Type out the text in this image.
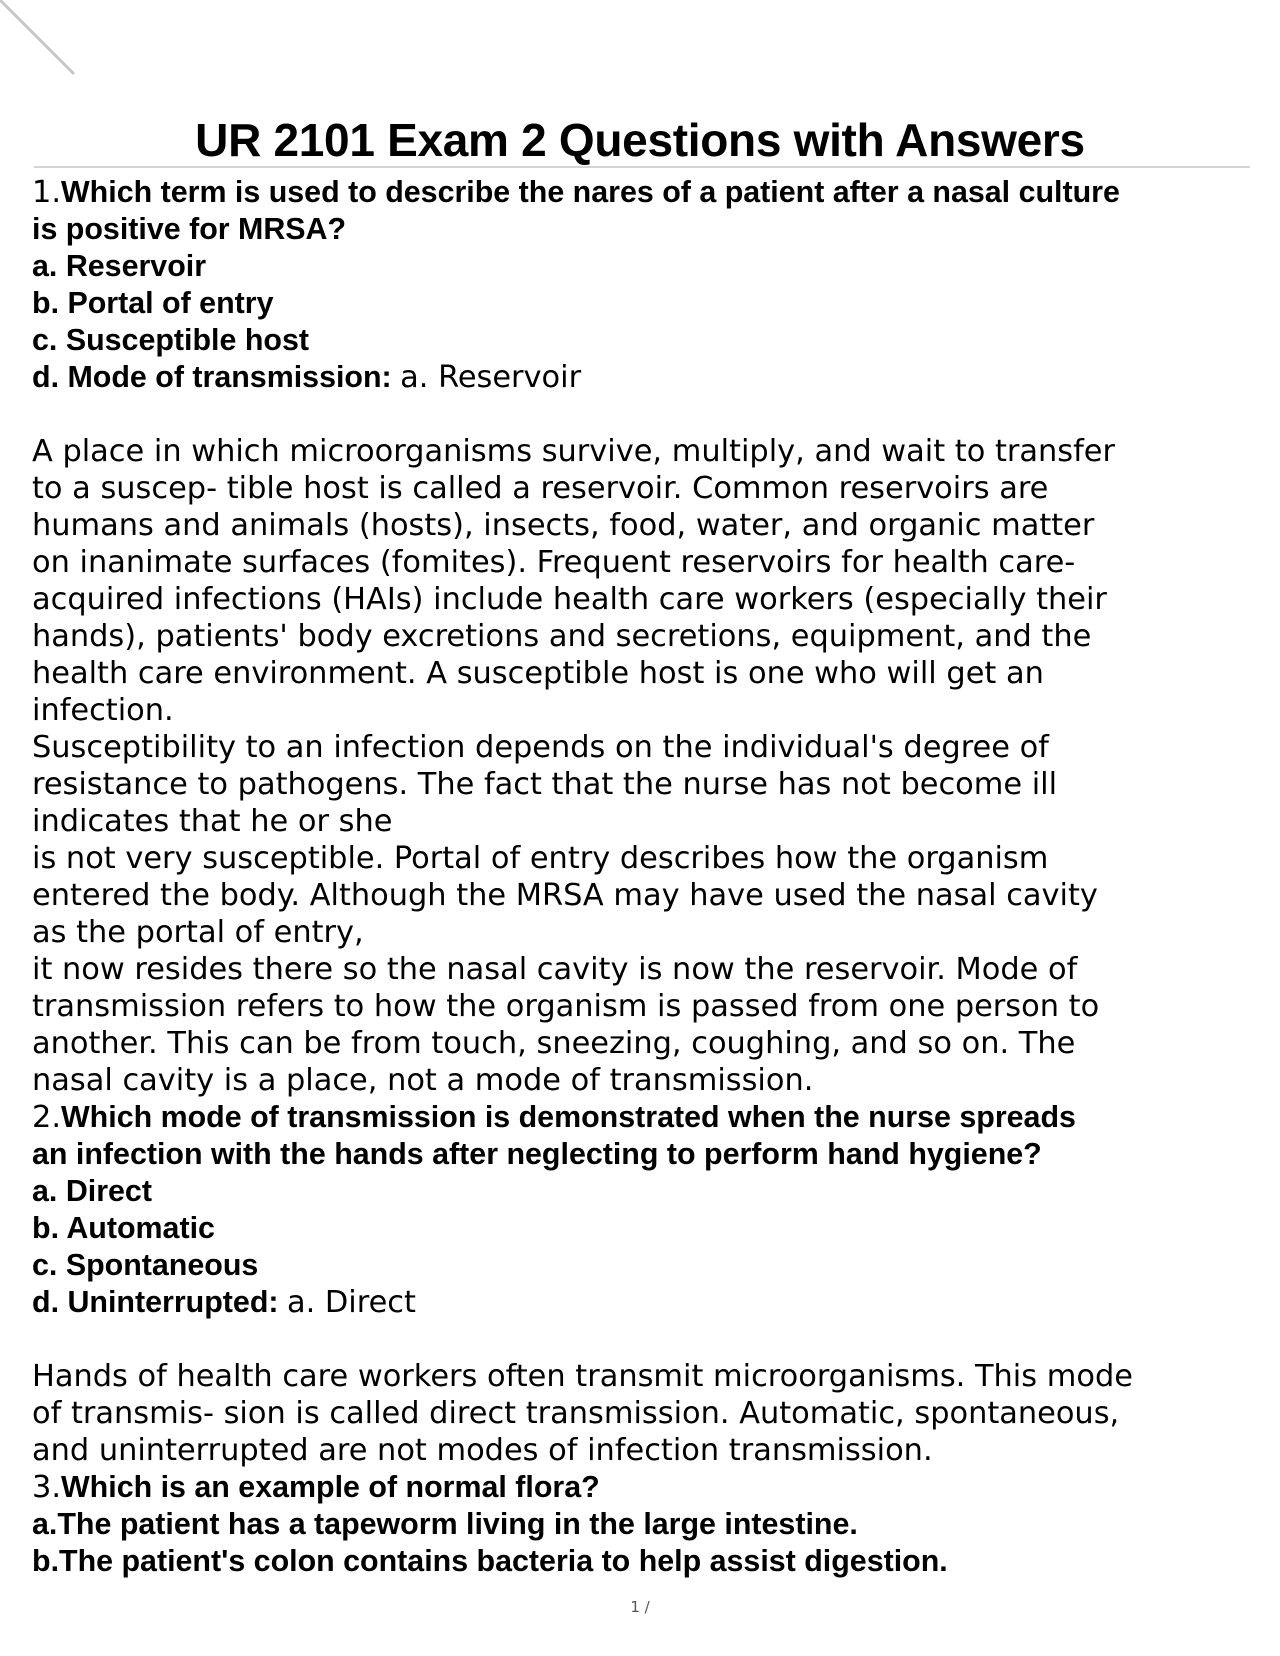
UR 2101 Exam 2 Questions with Answers
1.Which term is used to describe the nares of a patient after a nasal culture
is positive for MRSA?
a. Reservoir
b. Portal of entry
c. Susceptible host
d. Mode of transmission: a. Reservoir
A place in which microorganisms survive, multiply, and wait to transfer
to a suscep- tible host is called a reservoir. Common reservoirs are
humans and animals (hosts), insects, food, water, and organic matter
on inanimate surfaces (fomites). Frequent reservoirs for health care-
acquired infections (HAIs) include health care workers (especially their
hands), patients' body excretions and secretions, equipment, and the
health care environment. A susceptible host is one who will get an
infection.
Susceptibility to an infection depends on the individual's degree of
resistance to pathogens. The fact that the nurse has not become ill
indicates that he or she
is not very susceptible. Portal of entry describes how the organism
entered the body. Although the MRSA may have used the nasal cavity
as the portal of entry,
it now resides there so the nasal cavity is now the reservoir. Mode of
transmission refers to how the organism is passed from one person to
another. This can be from touch, sneezing, coughing, and so on. The
nasal cavity is a place, not a mode of transmission.
2.Which mode of transmission is demonstrated when the nurse spreads
an infection with the hands after neglecting to perform hand hygiene?
a. Direct
b. Automatic
c. Spontaneous
d. Uninterrupted: a. Direct
Hands of health care workers often transmit microorganisms. This mode
of transmis- sion is called direct transmission. Automatic, spontaneous,
and uninterrupted are not modes of infection transmission.
3.Which is an example of normal flora?
a.The patient has a tapeworm living in the large intestine.
b.The patient's colon contains bacteria to help assist digestion.
1 /
